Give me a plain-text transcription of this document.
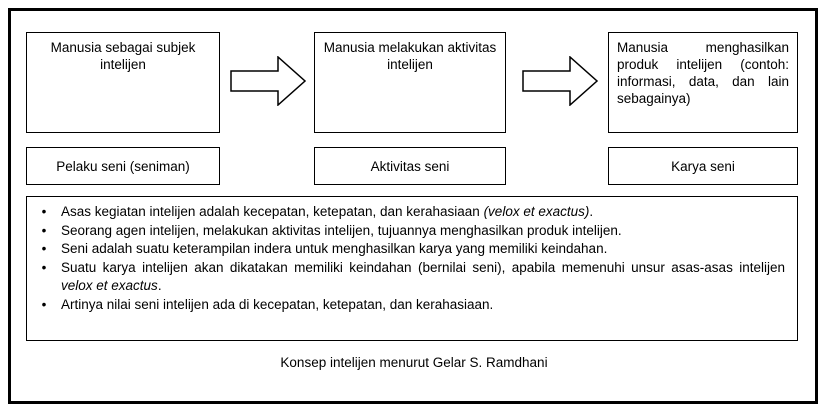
Manusia sebagai subjek intelijen
Manusia melakukan aktivitas intelijen
Manusia menghasilkan produk intelijen (contoh: informasi, data, dan lain sebagainya)
Pelaku seni (seniman)	Aktivitas seni	Karya seni
•	Asas kegiatan intelijen adalah kecepatan, ketepatan, dan kerahasiaan (velox et exactus).
•	Seorang agen intelijen, melakukan aktivitas intelijen, tujuannya menghasilkan produk intelijen.
•	Seni adalah suatu keterampilan indera untuk menghasilkan karya yang memiliki keindahan.
•	Suatu karya intelijen akan dikatakan memiliki keindahan (bernilai seni), apabila memenuhi unsur asas-asas intelijen velox et exactus.
•	Artinya nilai seni intelijen ada di kecepatan, ketepatan, dan kerahasiaan.
Konsep intelijen menurut Gelar S. Ramdhani
